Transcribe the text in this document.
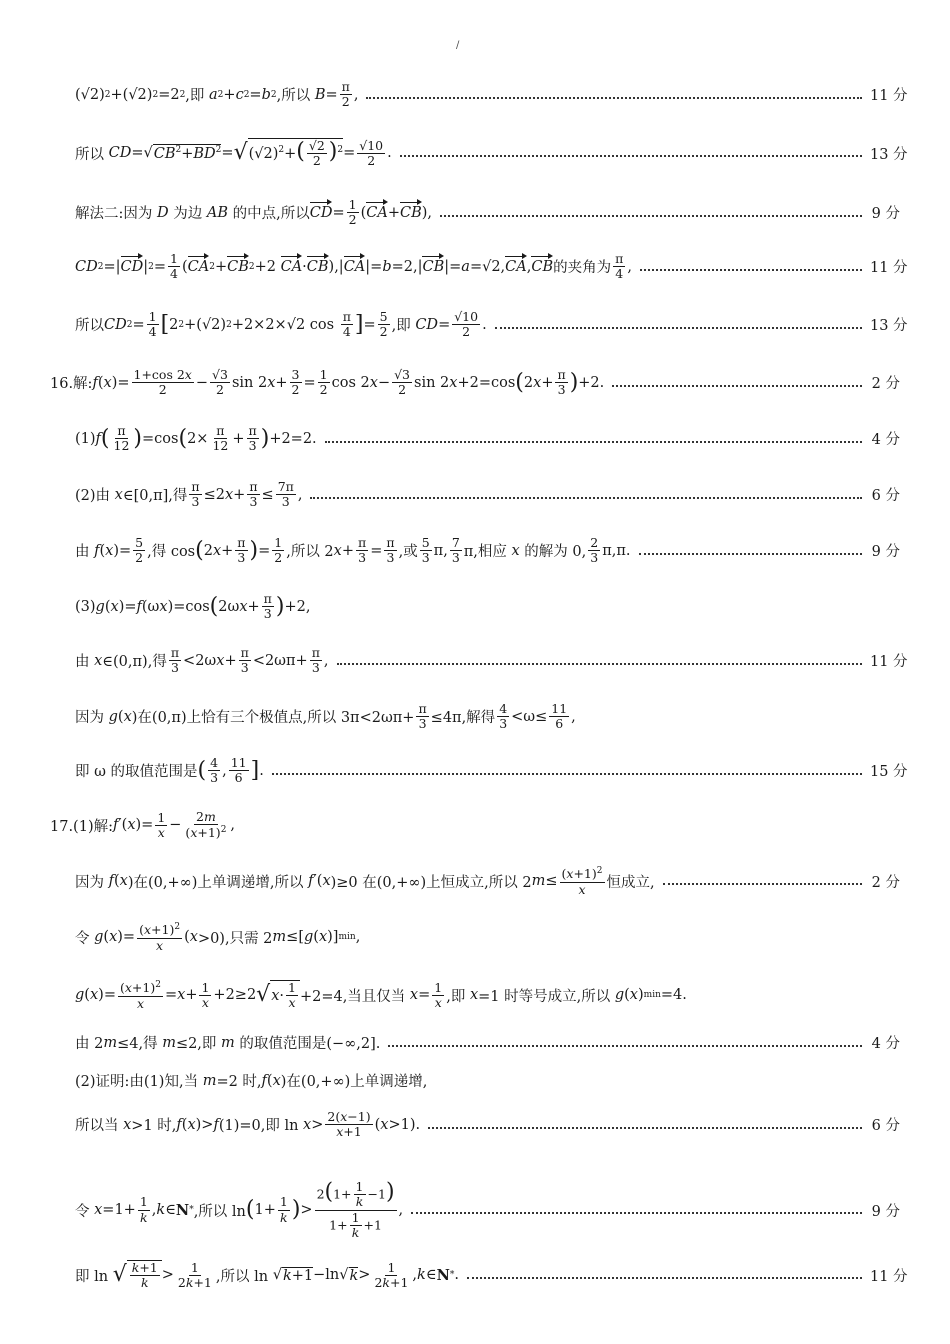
/
(√2) 2 +(√2) 2 =2 2 ,即 a 2 + c 2 = b 2 ,所以 $B = \frac{\pi}{2}$ ,	11 分
所以 CD = √ $CB^2+BD^2$ = √ $(√2)^2+( \frac{√2}{2} )^2 = \frac{√10}{2}$ .	13 分
解法二:因为 D 为边 AB 的中点,所以 CD = $\frac{1}{2}$ ( CA + CB ),	9 分
CD 2 =| CD | $2 = \frac{1}{4}$ ( CA 2 + CB 2 +2 CA · CB ),| CA |= b =2,| CB |= a =√2, CA , CB 的夹角为 $\frac{\pi}{4}$ ,	11 分
所以 CD $2 = \frac{1}{4}$ [ 2 2 +(√2) 2 +2×2×√2 $\cos \frac{\pi}{4}$ ] = $\frac{5}{2}$ ,即 CD = $\frac{√10}{2}$ .	13 分
16.解: f ( x )= $\frac{1+\cos 2x}{2} - \frac{√3}{2}$ sin 2 $x + \frac{3}{2} = \frac{1}{2}$ cos 2 $x - \frac{√3}{2}$ sin 2 x +2=cos ( 2 $x + \frac{\pi}{3}$ ) +2.	2 分
(1) f ( $\frac{\pi}{12}$ ) =cos ( $2\times \frac{\pi}{12} + \frac{\pi}{3}$ ) +2=2.	4 分
(2)由 x ∈[0,π],得 $\frac{\pi}{3} \le 2$ $x + \frac{\pi}{3} \le \frac{7\pi}{3}$ ,	6 分
由 f ( x )= $\frac{5}{2}$ ,得 cos ( 2 $x + \frac{\pi}{3}$ ) = $\frac{1}{2}$ ,所以 2 $x + \frac{\pi}{3} = \frac{\pi}{3}$ ,或 $\frac{5}{3} \pi$, $\frac{7}{3} \pi$,相应 x 的解为 0, $\frac{2}{3} \pi,\pi$.	9 分
(3) g ( x )= f (ω x )=cos ( 2ω $x + \frac{\pi}{3}$ ) +2,
由 x ∈(0,π),得 $\frac{\pi}{3} <2\omega$ $x + \frac{\pi}{3} <2\omega\pi+ \frac{\pi}{3}$ ,	11 分
因为 g ( x )在(0,π)上恰有三个极值点,所以 $3\pi<2\omega\pi+ \frac{\pi}{3} \le 4\pi$,解得 $\frac{4}{3} <\omega\le \frac{11}{6}$ ,
即 ω 的取值范围是 ( $\frac{4}{3}$ , $\frac{11}{6}$ ] .	15 分
17.(1)解: f ′( x )= $\frac{1}{x} - \frac{2m}{(x+1)^2}$ ,
因为 f ( x )在(0,+∞)上单调递增,所以 f ′( x )≥0 在(0,+∞)上恒成立,所以 2 $m \le \frac{(x+1)^2}{x}$ 恒成立,	2 分
令 g ( x )= $\frac{(x+1)^2}{x}$ ( x >0),只需 2 m ≤[ g ( x )] min ,
g ( x )= $\frac{(x+1)^2}{x} = x + \frac{1}{x} +2\ge 2$ √ $x\cdot \frac{1}{x} +2=4$,当且仅当 $x = \frac{1}{x}$ ,即 x =1 时等号成立,所以 g ( x ) min =4.
由 2 m ≤4,得 m ≤2,即 m 的取值范围是(−∞,2].	4 分
(2)证明:由(1)知,当 m =2 时, f ( x )在(0,+∞)上单调递增,
所以当 x >1 时, f ( x )> f (1)=0,即 $\ln x > \frac{2(x-1)}{x+1}$ ( x >1).	6 分
令 $x =1+ \frac{1}{k}$ , k ∈ N * ,所以 ln ( $1+ \frac{1}{k}$ ) > $\frac{2(1+ \frac{1}{k} -1)}{1+ \frac{1}{k} +1}$ ,	9 分
即 ln √ $\frac{k+1}{k} > \frac{1}{2k+1}$ ,所以 ln √ k+1 −ln √ $k > \frac{1}{2k+1}$ , k ∈ N * .	11 分
